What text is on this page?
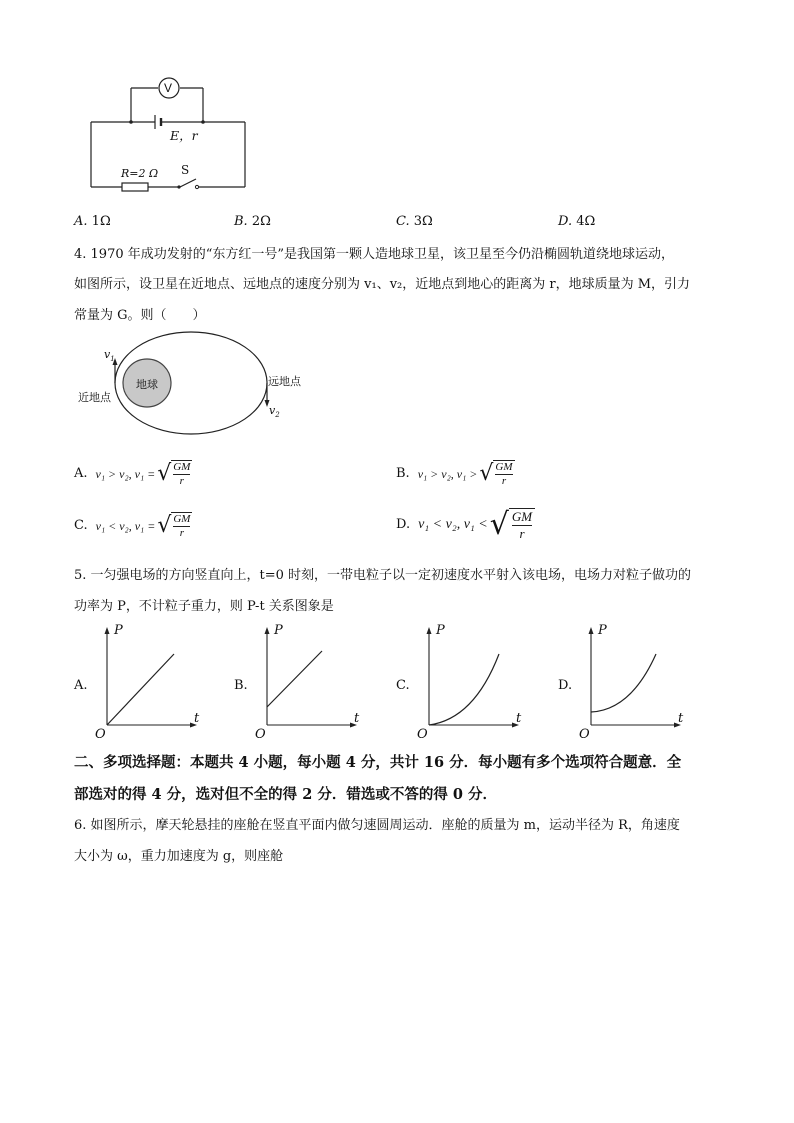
V
E，r
R=2 Ω S
A. 1Ω	B. 2Ω	C. 3Ω	D. 4Ω
4. 1970 年成功发射的“东方红一号”是我国第一颗人造地球卫星，该卫星至今仍沿椭圆轨道绕地球运动，
如图所示，设卫星在近地点、远地点的速度分别为 v₁、v₂，近地点到地心的距离为 r，地球质量为 M，引力
常量为 G。则（　　）
地球
近地点
远地点
$v_1$
$v_2$
A. v₁ > v₂, v₁ = √ GM
r	B. v₁ > v₂, v₁ > √ GM
r
C. v₁ < v₂, v₁ = √ GM
r
D. v₁ < v₂, v₁ < √ GM
r
5. 一匀强电场的方向竖直向上，t=0 时刻，一带电粒子以一定初速度水平射入该电场，电场力对粒子做功的
功率为 P，不计粒子重力，则 P-t 关系图象是
A.
P
t
O
B.
P
t
O
C.
P
t
O
D.
P
t
O
二、多项选择题：本题共 4 小题，每小题 4 分，共计 16 分．每小题有多个选项符合题意．全
部选对的得 4 分，选对但不全的得 2 分．错选或不答的得 0 分．
6. 如图所示，摩天轮悬挂的座舱在竖直平面内做匀速圆周运动．座舱的质量为 m，运动半径为 R，角速度
大小为 ω，重力加速度为 g，则座舱
